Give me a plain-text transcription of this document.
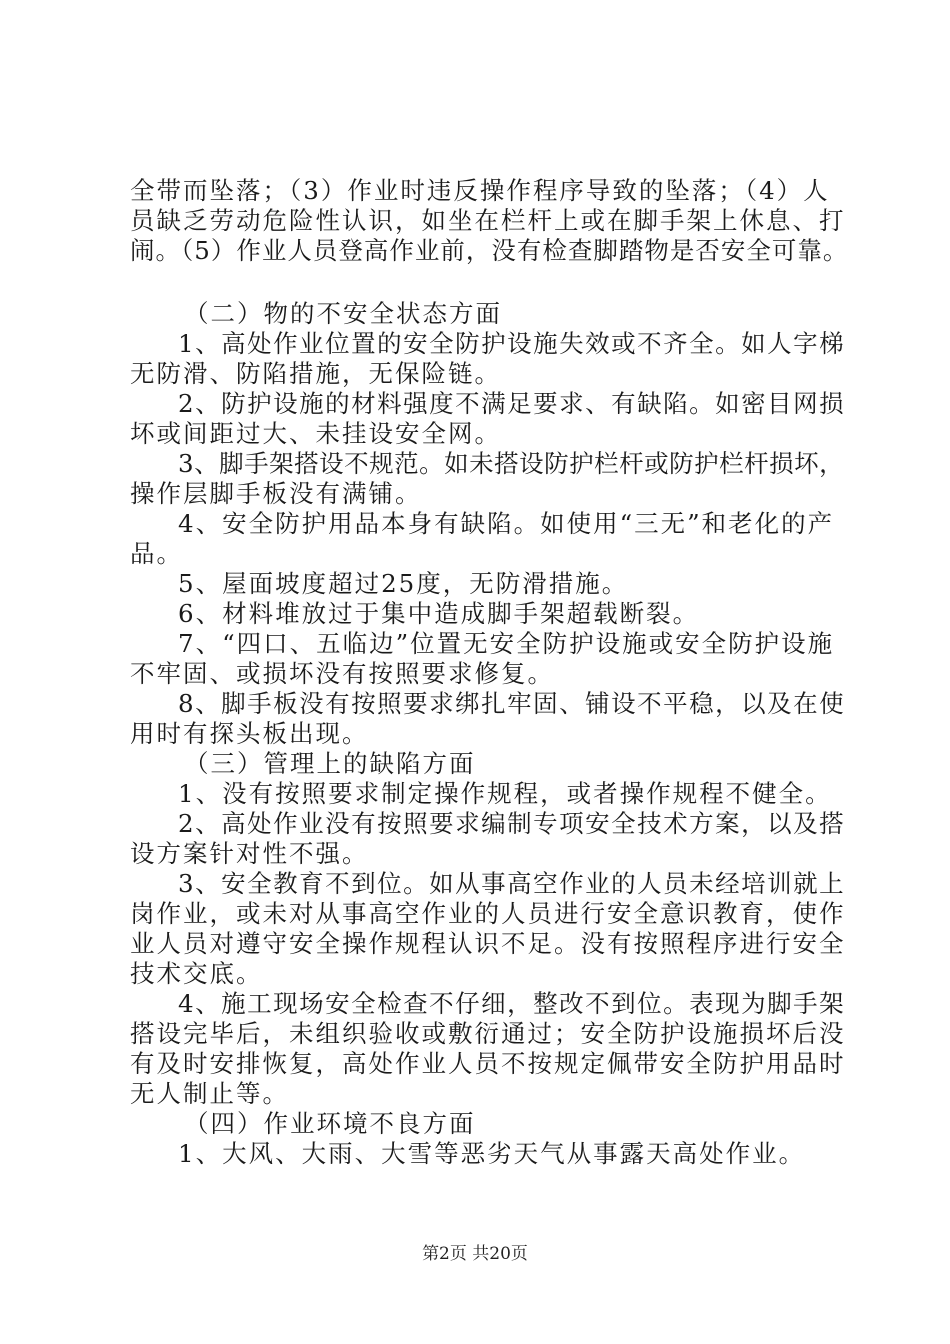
全带而坠落；（3）作业时违反操作程序导致的坠落；（4）人
员缺乏劳动危险性认识，如坐在栏杆上或在脚手架上休息、打
闹。（5）作业人员登高作业前，没有检查脚踏物是否安全可靠。
（二）物的不安全状态方面
1、高处作业位置的安全防护设施失效或不齐全。如人字梯
无防滑、防陷措施，无保险链。
2、防护设施的材料强度不满足要求、有缺陷。如密目网损
坏或间距过大、未挂设安全网。
3、脚手架搭设不规范。如未搭设防护栏杆或防护栏杆损坏，
操作层脚手板没有满铺。
4、安全防护用品本身有缺陷。如使用“三无”和老化的产
品。
5、屋面坡度超过25度，无防滑措施。
6、材料堆放过于集中造成脚手架超载断裂。
7、“四口、五临边”位置无安全防护设施或安全防护设施
不牢固、或损坏没有按照要求修复。
8、脚手板没有按照要求绑扎牢固、铺设不平稳，以及在使
用时有探头板出现。
（三）管理上的缺陷方面
1、没有按照要求制定操作规程，或者操作规程不健全。
2、高处作业没有按照要求编制专项安全技术方案，以及搭
设方案针对性不强。
3、安全教育不到位。如从事高空作业的人员未经培训就上
岗作业，或未对从事高空作业的人员进行安全意识教育，使作
业人员对遵守安全操作规程认识不足。没有按照程序进行安全
技术交底。
4、施工现场安全检查不仔细，整改不到位。表现为脚手架
搭设完毕后，未组织验收或敷衍通过；安全防护设施损坏后没
有及时安排恢复，高处作业人员不按规定佩带安全防护用品时
无人制止等。
（四）作业环境不良方面
1、大风、大雨、大雪等恶劣天气从事露天高处作业。
第2页 共20页
